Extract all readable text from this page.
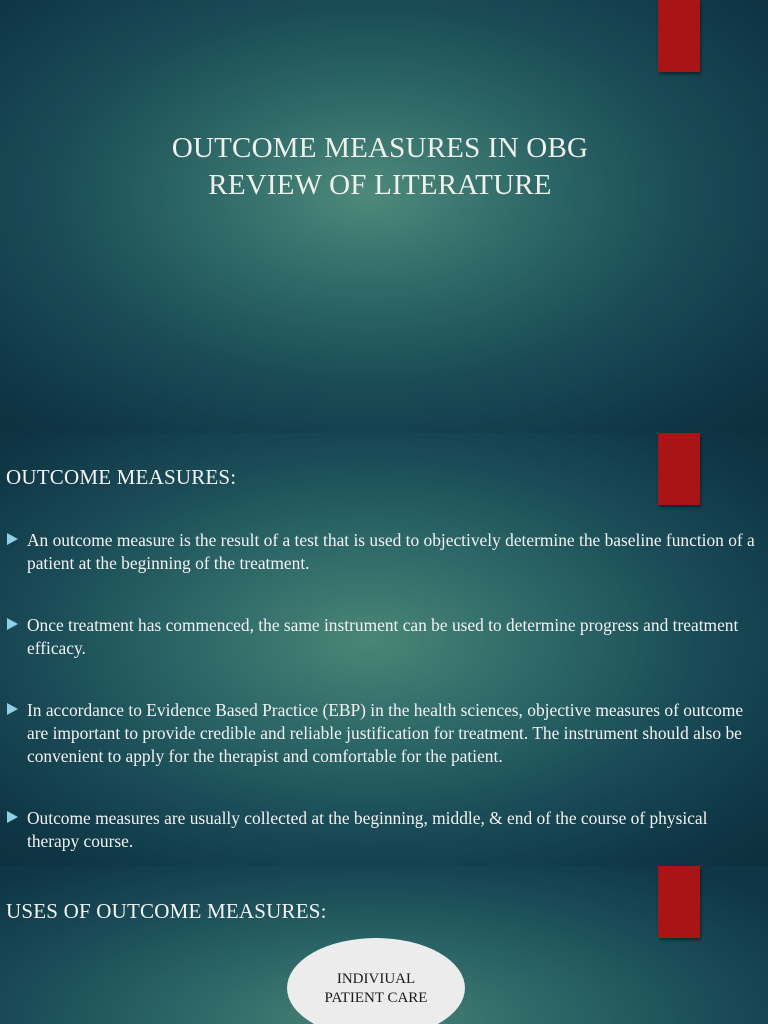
OUTCOME MEASURES IN OBG
REVIEW OF LITERATURE
OUTCOME MEASURES:
An outcome measure is the result of a test that is used to objectively determine the baseline function of a patient at the beginning of the treatment.
Once treatment has commenced, the same instrument can be used to determine progress and treatment efficacy.
In accordance to Evidence Based Practice (EBP) in the health sciences, objective measures of outcome are important to provide credible and reliable justification for treatment. The instrument should also be convenient to apply for the therapist and comfortable for the patient.
Outcome measures are usually collected at the beginning, middle, & end of the course of physical therapy course.
USES OF OUTCOME MEASURES:
INDIVIUAL
PATIENT CARE
